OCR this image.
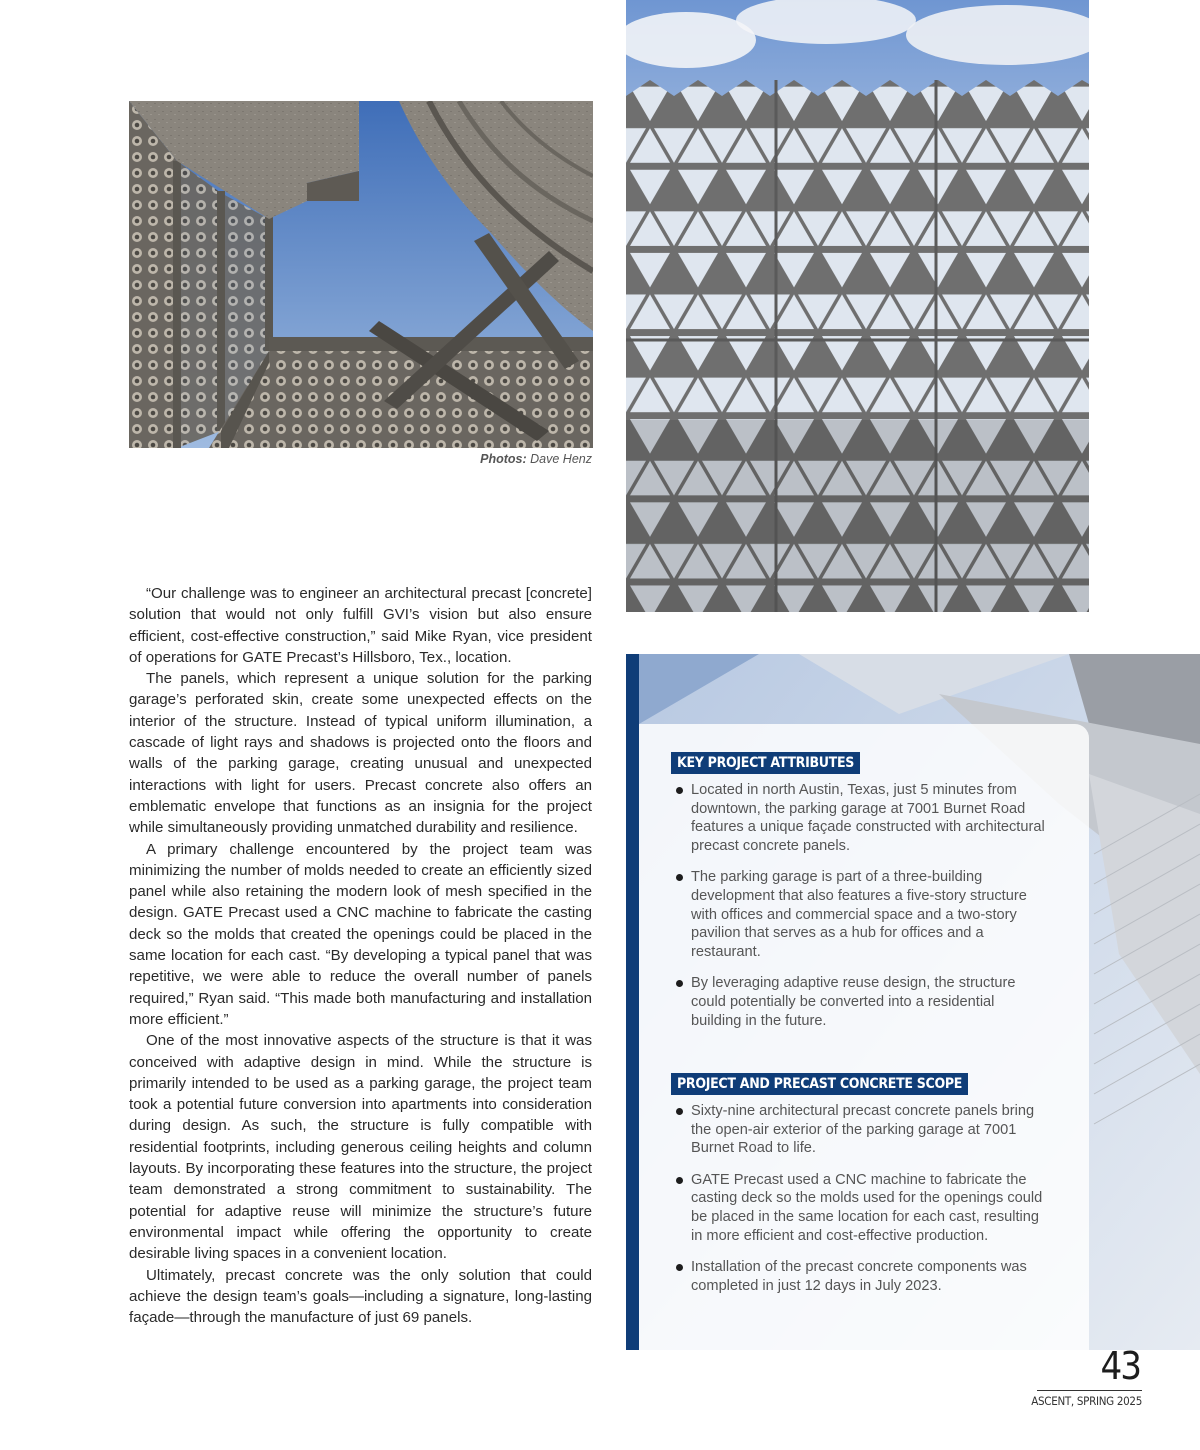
Photos: Dave Henz

“Our challenge was to engineer an architectural precast [concrete] solution that would not only fulfill GVI’s vision but also ensure efficient, cost-effective construction,” said Mike Ryan, vice president of operations for GATE Precast’s Hillsboro, Tex., location.

The panels, which represent a unique solution for the parking garage’s perforated skin, create some unexpected effects on the interior of the structure. Instead of typical uniform illumination, a cascade of light rays and shadows is projected onto the floors and walls of the parking garage, creating unusual and unexpected interactions with light for users. Precast concrete also offers an emblematic envelope that functions as an insignia for the project while simultaneously providing unmatched durability and resilience.

A primary challenge encountered by the project team was minimizing the number of molds needed to create an efficiently sized panel while also retaining the modern look of mesh specified in the design. GATE Precast used a CNC machine to fabricate the casting deck so the molds that created the openings could be placed in the same location for each cast. “By developing a typical panel that was repetitive, we were able to reduce the overall number of panels required,” Ryan said. “This made both manufacturing and installation more efficient.”

One of the most innovative aspects of the structure is that it was conceived with adaptive design in mind. While the structure is primarily intended to be used as a parking garage, the project team took a potential future conversion into apartments into consideration during design. As such, the structure is fully compatible with residential footprints, including generous ceiling heights and column layouts. By incorporating these features into the structure, the project team demonstrated a strong commitment to sustainability. The potential for adaptive reuse will minimize the structure’s future environmental impact while offering the opportunity to create desirable living spaces in a convenient location.

Ultimately, precast concrete was the only solution that could achieve the design team’s goals—including a signature, long-lasting façade—through the manufacture of just 69 panels.

KEY PROJECT ATTRIBUTES
Located in north Austin, Texas, just 5 minutes from downtown, the parking garage at 7001 Burnet Road features a unique façade constructed with architectural precast concrete panels.
The parking garage is part of a three-building development that also features a five-story structure with offices and commercial space and a two-story pavilion that serves as a hub for offices and a restaurant.
By leveraging adaptive reuse design, the structure could potentially be converted into a residential building in the future.
PROJECT AND PRECAST CONCRETE SCOPE
Sixty-nine architectural precast concrete panels bring the open-air exterior of the parking garage at 7001 Burnet Road to life.
GATE Precast used a CNC machine to fabricate the casting deck so the molds used for the openings could be placed in the same location for each cast, resulting in more efficient and cost-effective production.
Installation of the precast concrete components was completed in just 12 days in July 2023.
43
ASCENT, SPRING 2025
